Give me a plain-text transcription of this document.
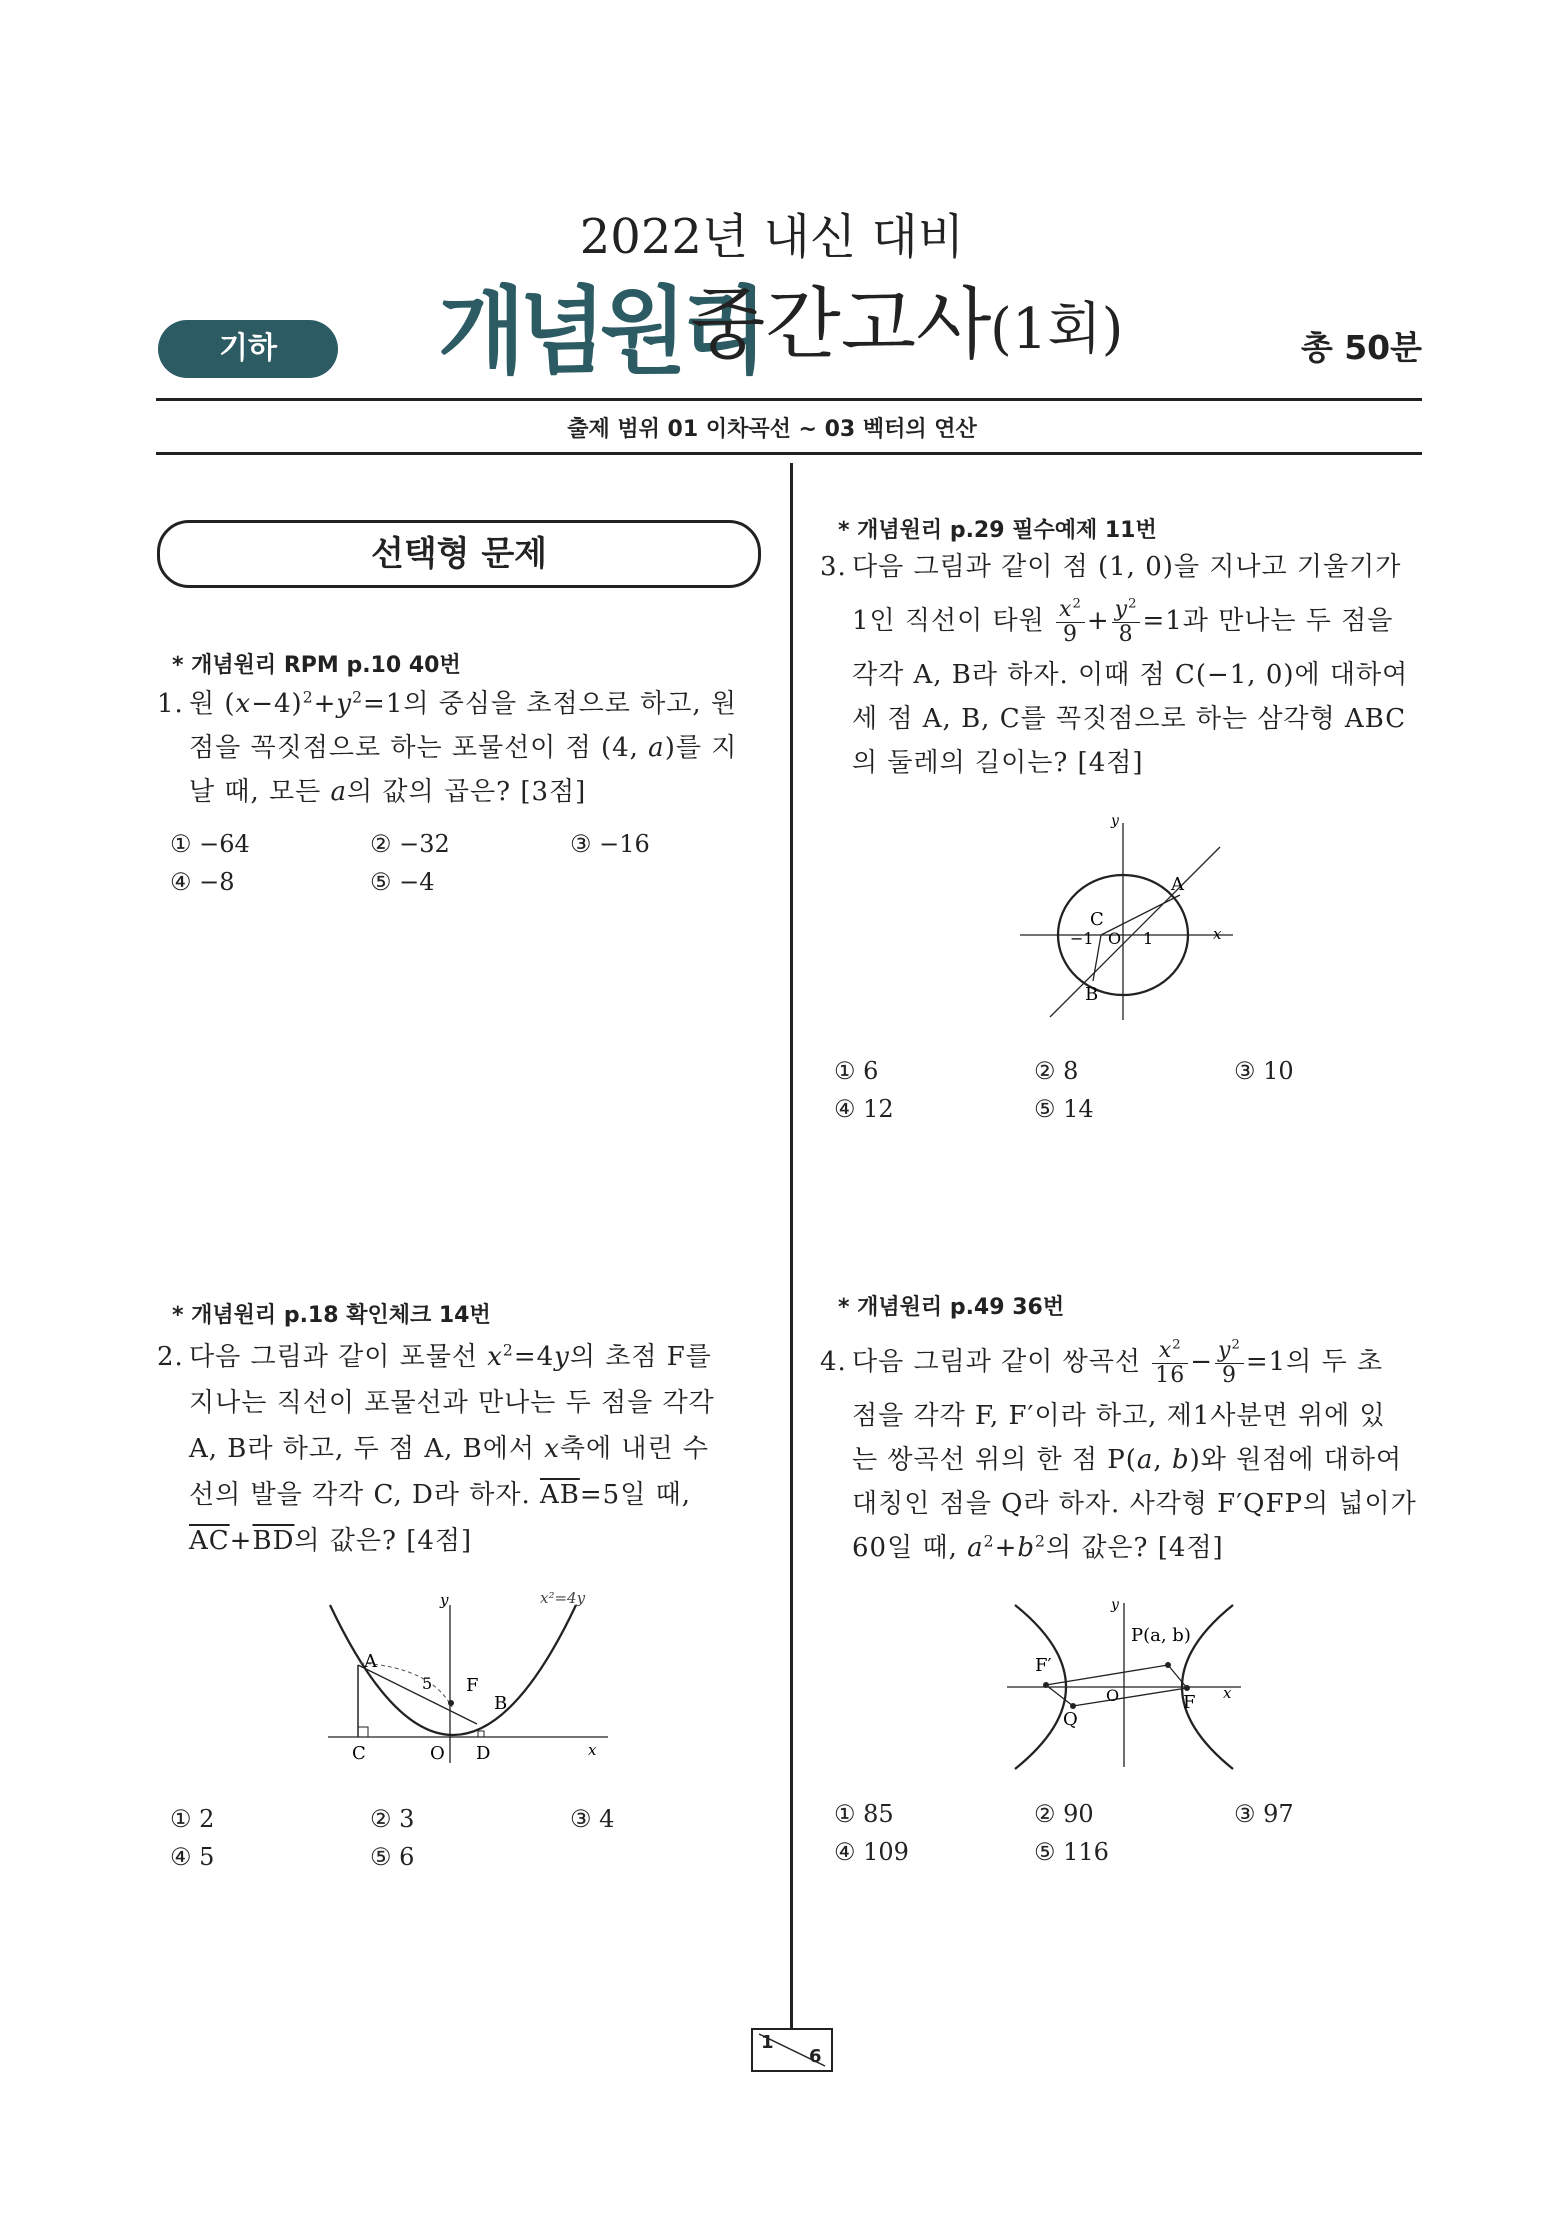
2022년 내신 대비
개념원리
중간고사
(1회)
기하	총 50분
출제 범위 01 이차곡선 ~ 03 벡터의 연산
선택형 문제
* 개념원리 RPM p.10 40번
1. 원 $(x-4)^2+y^2=1$의 중심을 초점으로 하고, 원
점을 꼭짓점으로 하는 포물선이 점 (4, a)를 지
날 때, 모든 a의 값의 곱은? [3점]
① −64	② −32	③ −16
④ −8	⑤ −4
* 개념원리 p.18 확인체크 14번
2. 다음 그림과 같이 포물선 $x^2=4y$의 초점 F를
지나는 직선이 포물선과 만나는 두 점을 각각
A, B라 하고, 두 점 A, B에서 x축에 내린 수
선의 발을 각각 C, D라 하자. $\overline{AB}=5$일 때,
$\overline{AC}+\overline{BD}$의 값은? [4점]
y
x
x²=4y
A
B
C	D
F
O
5
① 2	② 3	③ 4
④ 5	⑤ 6
* 개념원리 p.29 필수예제 11번
3. 다음 그림과 같이 점 (1, 0)을 지나고 기울기가

1인 직선이 타원 $\frac{x^2}{9} + \frac{y^2}{8} =1$과 만나는 두 점을
각각 A, B라 하자. 이때 점 C(−1, 0)에 대하여
세 점 A, B, C를 꼭짓점으로 하는 삼각형 ABC
의 둘레의 길이는? [4점]
y
x
A
B
C
O
−1	1
① 6	② 8	③ 10
④ 12	⑤ 14
* 개념원리 p.49 36번
4. 다음 그림과 같이 쌍곡선 $\frac{x^2}{16} - \frac{y^2}{9} =1$의 두 초
점을 각각 F, F′이라 하고, 제1사분면 위에 있
는 쌍곡선 위의 한 점 P(a, b)와 원점에 대하여
대칭인 점을 Q라 하자. 사각형 F′QFP의 넓이가
60일 때, $a^2+b^2$의 값은? [4점]
y
x
P(a, b)
F′
F
Q
O
① 85	② 90	③ 97
④ 109	⑤ 116
1
6
